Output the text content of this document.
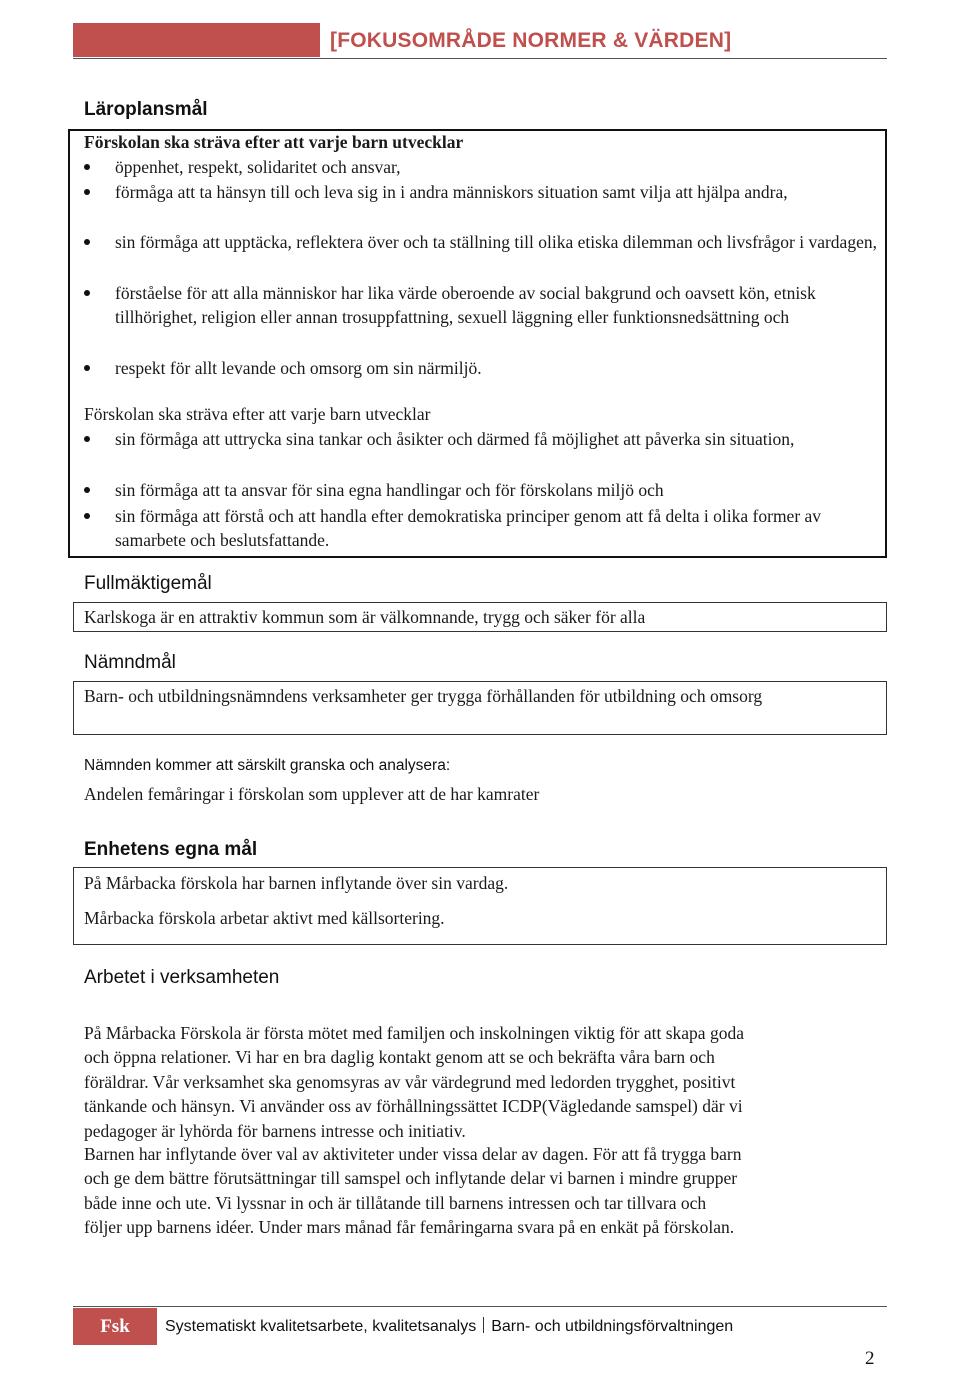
[FOKUSOMRÅDE NORMER & VÄRDEN]
Läroplansmål
Förskolan ska sträva efter att varje barn utvecklar
öppenhet, respekt, solidaritet och ansvar,
förmåga att ta hänsyn till och leva sig in i andra människors situation samt vilja att hjälpa andra,
sin förmåga att upptäcka, reflektera över och ta ställning till olika etiska dilemman och livsfrågor i vardagen,
förståelse för att alla människor har lika värde oberoende av social bakgrund och oavsett kön, etnisk tillhörighet, religion eller annan trosuppfattning, sexuell läggning eller funktionsnedsättning och
respekt för allt levande och omsorg om sin närmiljö.
Förskolan ska sträva efter att varje barn utvecklar
sin förmåga att uttrycka sina tankar och åsikter och därmed få möjlighet att påverka sin situation,
sin förmåga att ta ansvar för sina egna handlingar och för förskolans miljö och
sin förmåga att förstå och att handla efter demokratiska principer genom att få delta i olika former av samarbete och beslutsfattande.
Fullmäktigemål
Karlskoga är en attraktiv kommun som är välkomnande, trygg och säker för alla
Nämndmål
Barn- och utbildningsnämndens verksamheter ger trygga förhållanden för utbildning och omsorg
Nämnden kommer att särskilt granska och analysera:
Andelen femåringar i förskolan som upplever att de har kamrater
Enhetens egna mål
På Mårbacka förskola har barnen inflytande över sin vardag.
Mårbacka förskola arbetar aktivt med källsortering.
Arbetet i verksamheten
På Mårbacka Förskola är första mötet med familjen och inskolningen viktig för att skapa goda
och öppna relationer. Vi har en bra daglig kontakt genom att se och bekräfta våra barn och
föräldrar. Vår verksamhet ska genomsyras av vår värdegrund med ledorden trygghet, positivt
tänkande och hänsyn. Vi använder oss av förhållningssättet ICDP(Vägledande samspel) där vi
pedagoger är lyhörda för barnens intresse och initiativ.
Barnen har inflytande över val av aktiviteter under vissa delar av dagen. För att få trygga barn
och ge dem bättre förutsättningar till samspel och inflytande delar vi barnen i mindre grupper
både inne och ute. Vi lyssnar in och är tillåtande till barnens intressen och tar tillvara och
följer upp barnens idéer. Under mars månad får femåringarna svara på en enkät på förskolan.
Fsk	Systematiskt kvalitetsarbete, kvalitetsanalys Barn- och utbildningsförvaltningen
2
